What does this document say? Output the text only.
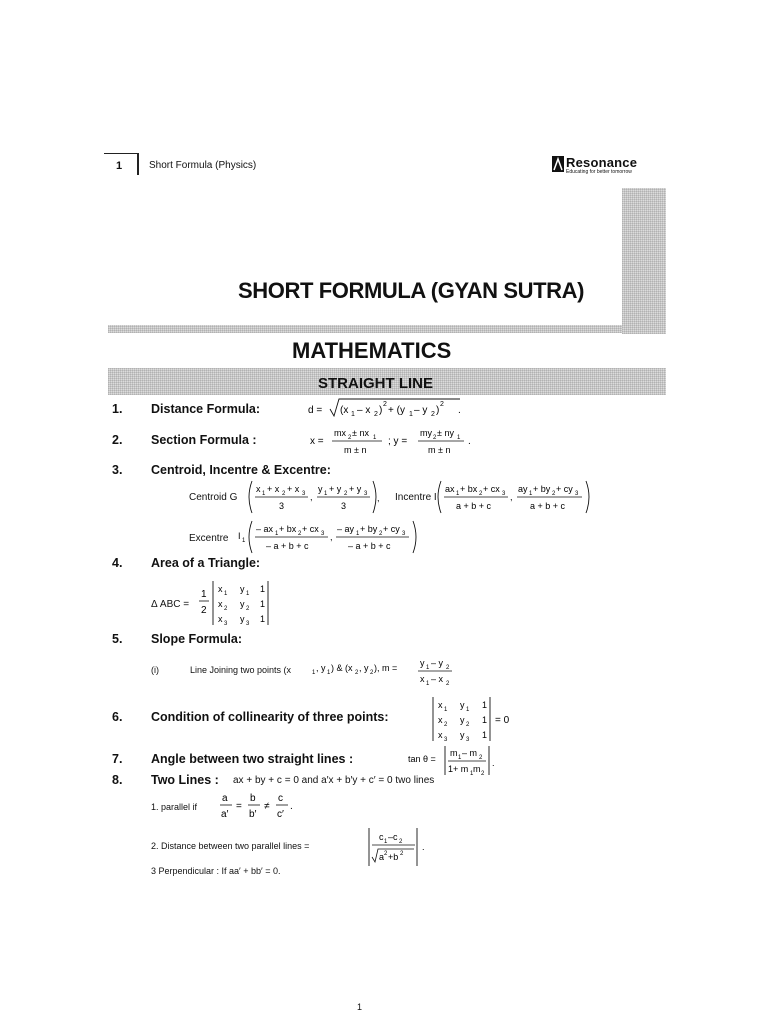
1	Short Formula (Physics)	Resonance
Educating for better tomorrow
SHORT FORMULA (GYAN SUTRA)
MATHEMATICS
STRAIGHT LINE
1. Distance Formula:	d = (x 1 – x 2 )
2
+ (y 1 – y 2 )
2
.
2. Section Formula :	x =
mx 2 ± nx 1
m ± n
; y =
my 2 ± ny 1
m ± n
.
3. Centroid, Incentre & Excentre:
Centroid G
x 1 + x 2 + x 3
3
,
y 1 + y 2 + y 3
3
,
ax 1 + bx 2 + cx 3
a + b + c
,
ay 1 + by 2 + cy 3
a + b + c
Incentre I
Excentre I 1
– ax 1 + bx 2 + cx 3
– a + b + c
,
– ay 1 + by 2 + cy 3
– a + b + c
4. Area of a Triangle:
Δ ABC =
1
2
x 1 y 1 1
x 2 y 2 1
x 3 y 3 1
5. Slope Formula:
(i)	Line Joining two points (x	1 , y 1 ) & (x 2 , y 2 ), m =	y 1 – y 2
x 1 – x 2
6. Condition of collinearity of three points:
x 1 y 1 1
x 2 y 2 1
x 3 y 3 1
= 0
7. Angle between two straight lines :	tan θ =
m 1 – m 2
1+ m 1 m 2
.
8. Two Lines : ax + by + c = 0 and a′x + b′y + c′ = 0 two lines
1. parallel if
a
a′
=
b
b′
≠
c
c′
.
2. Distance between two parallel lines =
c 1 –c 2
a 2 +b 2
.
3 Perpendicular : If aa′ + bb′ = 0.
1
